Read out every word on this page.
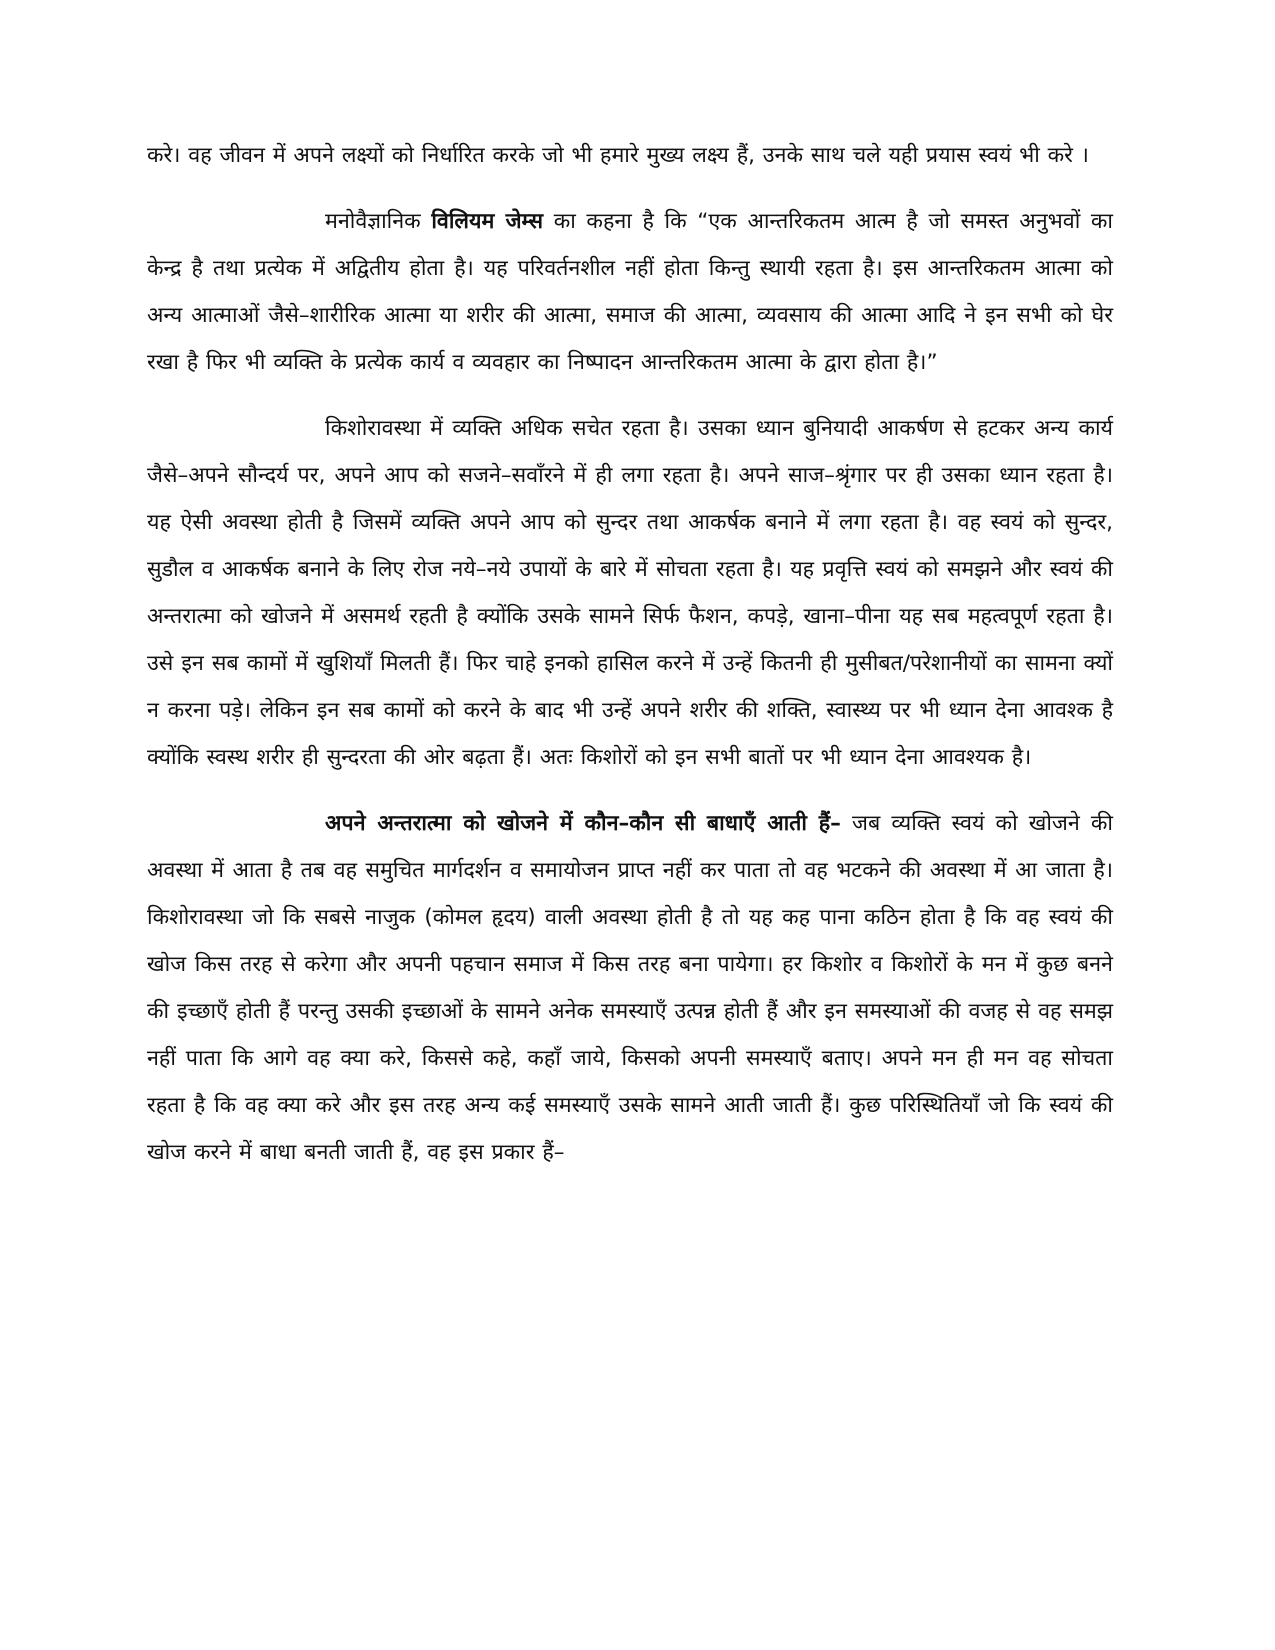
करे। वह जीवन में अपने लक्ष्यों को निर्धारित करके जो भी हमारे मुख्य लक्ष्य हैं, उनके साथ चले यही प्रयास स्वयं भी करे ।

मनोवैज्ञानिक विलियम जेम्स का कहना है कि “एक आन्तरिकतम आत्म है जो समस्त अनुभवों का केन्द्र है तथा प्रत्येक में अद्वितीय होता है। यह परिवर्तनशील नहीं होता किन्तु स्थायी रहता है। इस आन्तरिकतम आत्मा को अन्य आत्माओं जैसे–शारीरिक आत्मा या शरीर की आत्मा, समाज की आत्मा, व्यवसाय की आत्मा आदि ने इन सभी को घेर रखा है फिर भी व्यक्ति के प्रत्येक कार्य व व्यवहार का निष्पादन आन्तरिकतम आत्मा के द्वारा होता है।”

किशोरावस्था में व्यक्ति अधिक सचेत रहता है। उसका ध्यान बुनियादी आकर्षण से हटकर अन्य कार्य जैसे–अपने सौन्दर्य पर, अपने आप को सजने–सवाँरने में ही लगा रहता है। अपने साज–श्रृंगार पर ही उसका ध्यान रहता है। यह ऐसी अवस्था होती है जिसमें व्यक्ति अपने आप को सुन्दर तथा आकर्षक बनाने में लगा रहता है। वह स्वयं को सुन्दर, सुडौल व आकर्षक बनाने के लिए रोज नये–नये उपायों के बारे में सोचता रहता है। यह प्रवृत्ति स्वयं को समझने और स्वयं की अन्तरात्मा को खोजने में असमर्थ रहती है क्योंकि उसके सामने सिर्फ फैशन, कपड़े, खाना–पीना यह सब महत्वपूर्ण रहता है। उसे इन सब कामों में खुशियाँ मिलती हैं। फिर चाहे इनको हासिल करने में उन्हें कितनी ही मुसीबत/परेशानीयों का सामना क्यों न करना पड़े। लेकिन इन सब कामों को करने के बाद भी उन्हें अपने शरीर की शक्ति, स्वास्थ्य पर भी ध्यान देना आवश्क है क्योंकि स्वस्थ शरीर ही सुन्दरता की ओर बढ़ता हैं। अतः किशोरों को इन सभी बातों पर भी ध्यान देना आवश्यक है।

अपने अन्तरात्मा को खोजने में कौन–कौन सी बाधाएँ आती हैं– जब व्यक्ति स्वयं को खोजने की अवस्था में आता है तब वह समुचित मार्गदर्शन व समायोजन प्राप्त नहीं कर पाता तो वह भटकने की अवस्था में आ जाता है। किशोरावस्था जो कि सबसे नाजुक (कोमल हृदय) वाली अवस्था होती है तो यह कह पाना कठिन होता है कि वह स्वयं की खोज किस तरह से करेगा और अपनी पहचान समाज में किस तरह बना पायेगा। हर किशोर व किशोरों के मन में कुछ बनने की इच्छाएँ होती हैं परन्तु उसकी इच्छाओं के सामने अनेक समस्याएँ उत्पन्न होती हैं और इन समस्याओं की वजह से वह समझ नहीं पाता कि आगे वह क्या करे, किससे कहे, कहाँ जाये, किसको अपनी समस्याएँ बताए। अपने मन ही मन वह सोचता रहता है कि वह क्या करे और इस तरह अन्य कई समस्याएँ उसके सामने आती जाती हैं। कुछ परिस्थितियाँ जो कि स्वयं की खोज करने में बाधा बनती जाती हैं, वह इस प्रकार हैं–
